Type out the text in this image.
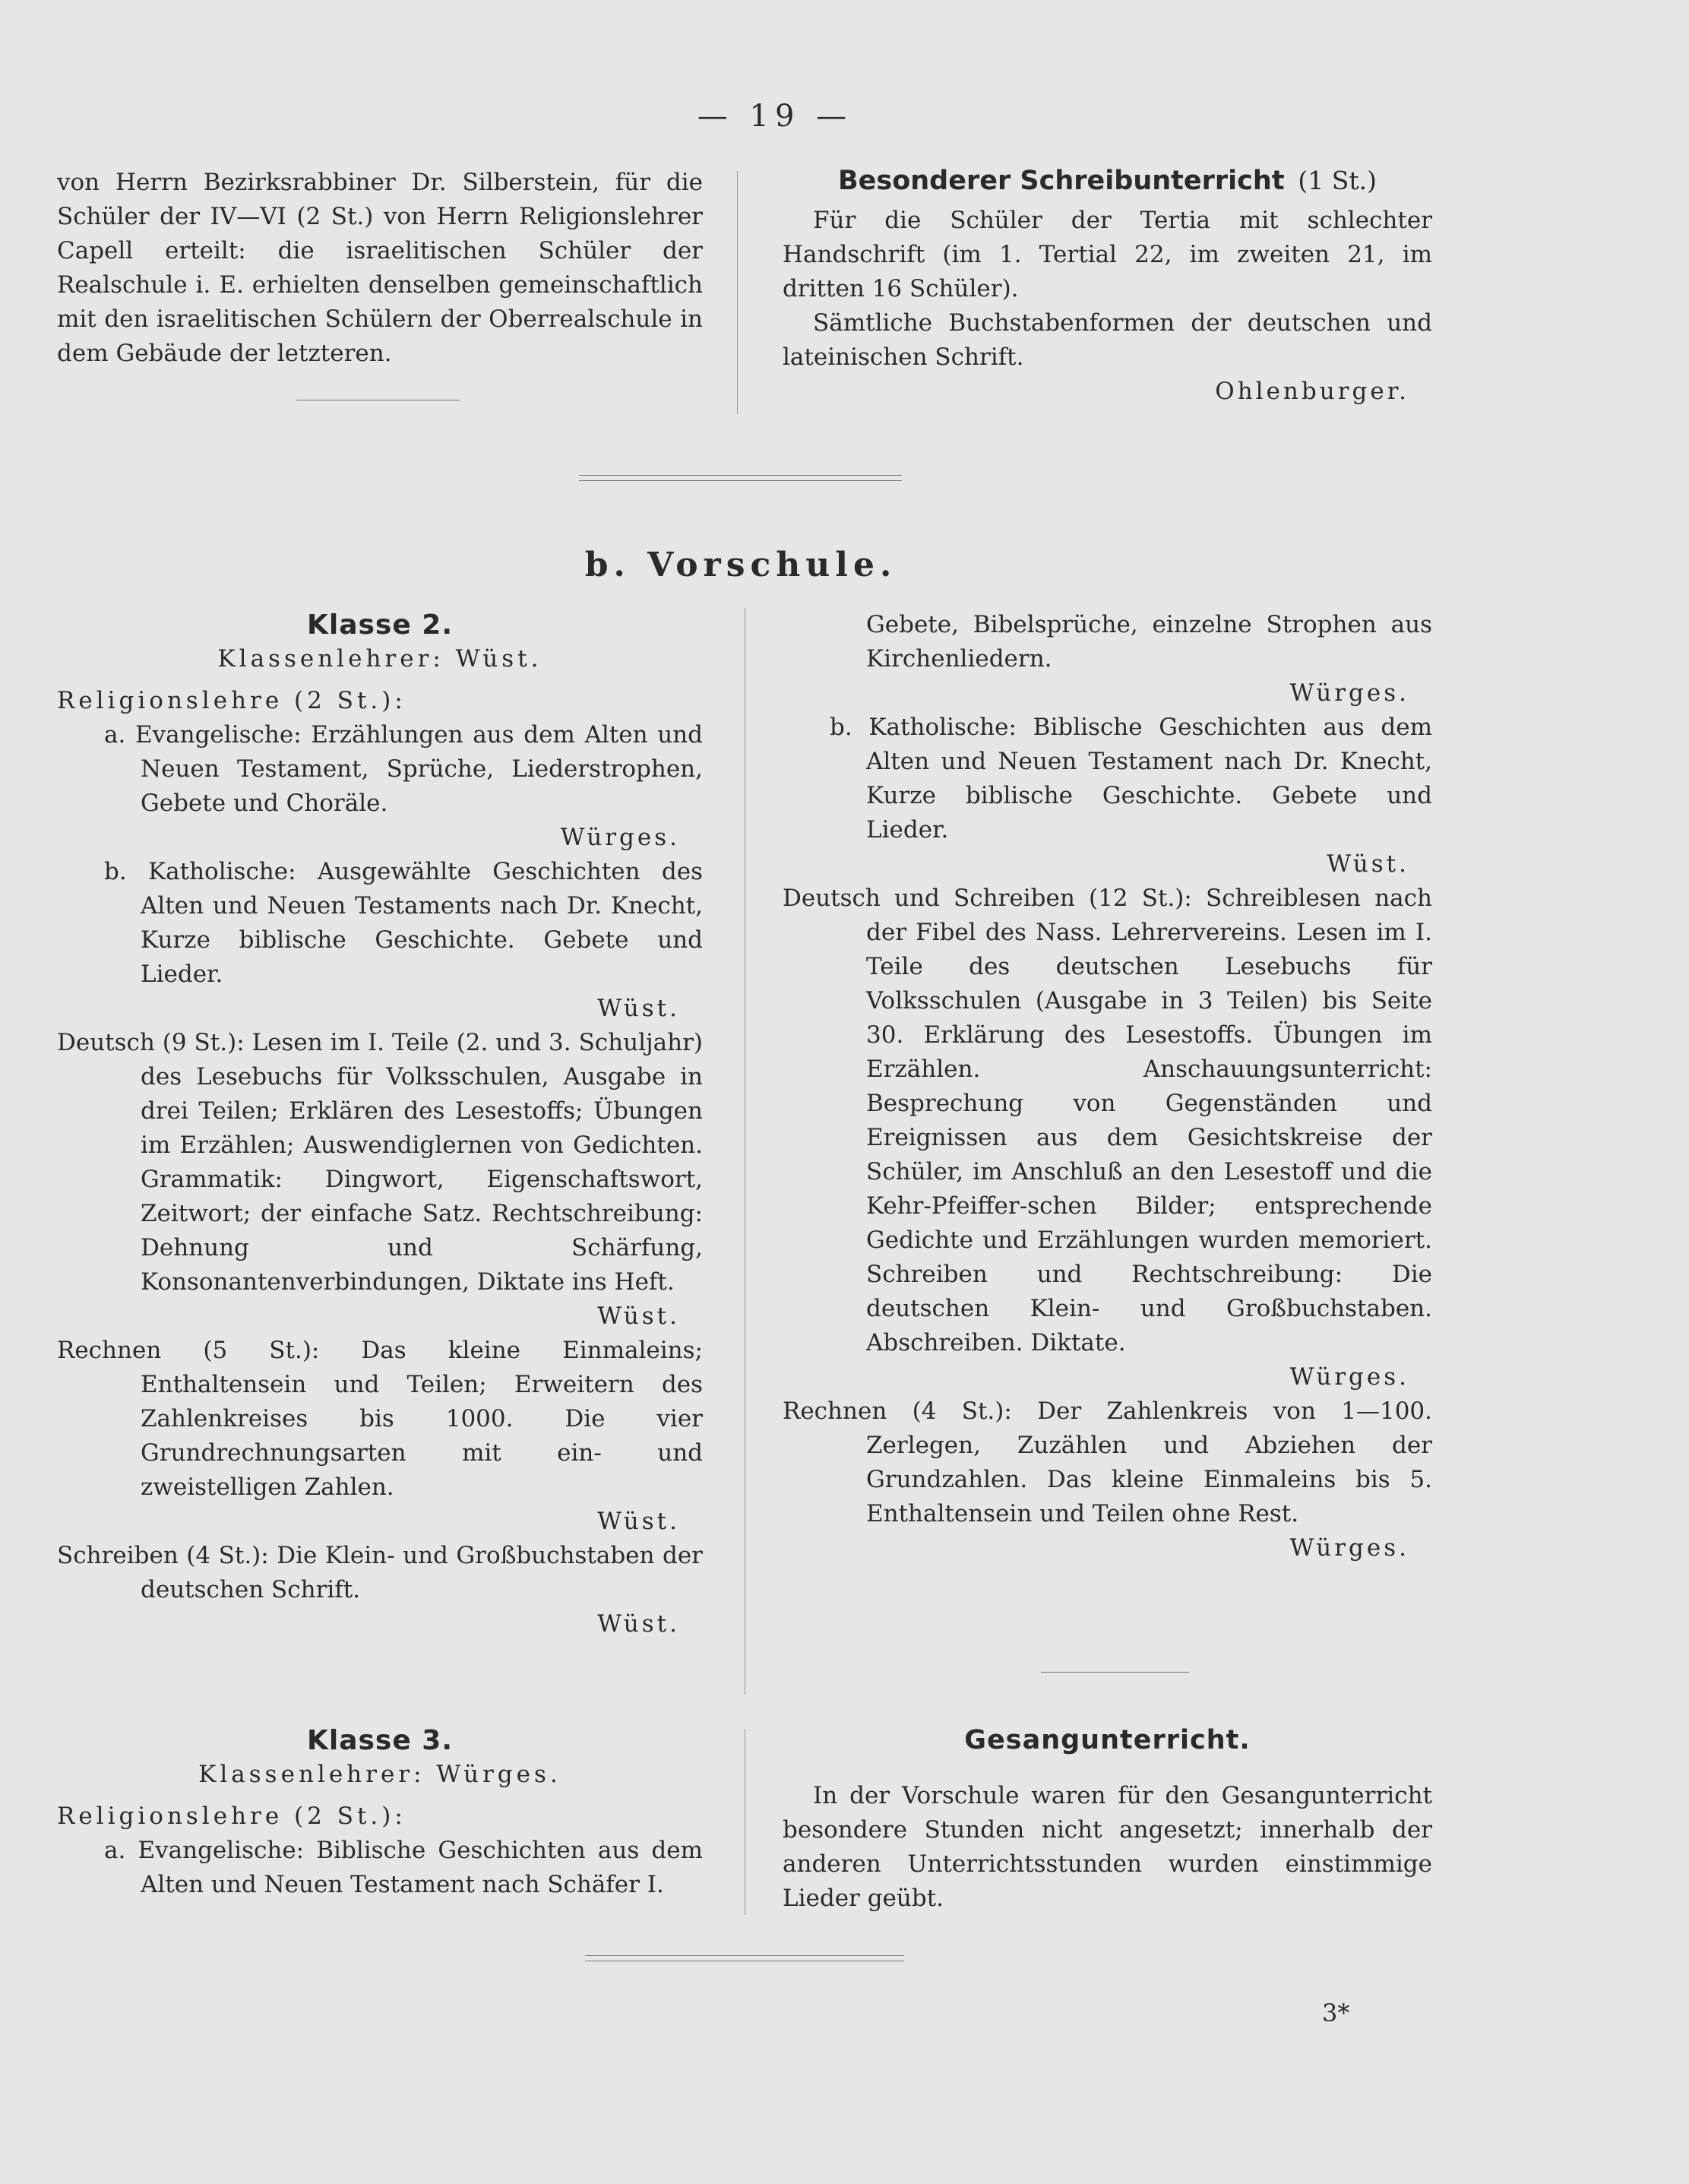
— 19 —

von Herrn Bezirksrabbiner Dr. Silberstein, für die Schüler der IV—VI (2 St.) von Herrn Religionslehrer Capell erteilt: die israelitischen Schüler der Realschule i. E. erhielten denselben gemeinschaftlich mit den israelitischen Schülern der Oberrealschule in dem Gebäude der letzteren.

Besonderer Schreibunterricht (1 St.)

Für die Schüler der Tertia mit schlechter Handschrift (im 1. Tertial 22, im zweiten 21, im dritten 16 Schüler).

Sämtliche Buchstabenformen der deutschen und lateinischen Schrift.

Ohlenburger.

b. Vorschule.
Klasse 2.
Klassenlehrer: Wüst.

Religionslehre (2 St.):

a. Evangelische: Erzählungen aus dem Alten und Neuen Testament, Sprüche, Liederstrophen, Gebete und Choräle.

Würges.

b. Katholische: Ausgewählte Geschichten des Alten und Neuen Testaments nach Dr. Knecht, Kurze biblische Geschichte. Gebete und Lieder.

Wüst.

Deutsch (9 St.): Lesen im I. Teile (2. und 3. Schuljahr) des Lesebuchs für Volksschulen, Ausgabe in drei Teilen; Erklären des Lesestoffs; Übungen im Erzählen; Auswendiglernen von Gedichten. Grammatik: Dingwort, Eigenschaftswort, Zeitwort; der einfache Satz. Rechtschreibung: Dehnung und Schärfung, Konsonantenverbindungen, Diktate ins Heft.

Wüst.

Rechnen (5 St.): Das kleine Einmaleins; Enthaltensein und Teilen; Erweitern des Zahlenkreises bis 1000. Die vier Grundrechnungsarten mit ein- und zweistelligen Zahlen.

Wüst.

Schreiben (4 St.): Die Klein- und Großbuchstaben der deutschen Schrift.

Wüst.

Gebete, Bibelsprüche, einzelne Strophen aus Kirchenliedern.

Würges.

b. Katholische: Biblische Geschichten aus dem Alten und Neuen Testament nach Dr. Knecht, Kurze biblische Geschichte. Gebete und Lieder.

Wüst.

Deutsch und Schreiben (12 St.): Schreiblesen nach der Fibel des Nass. Lehrervereins. Lesen im I. Teile des deutschen Lesebuchs für Volksschulen (Ausgabe in 3 Teilen) bis Seite 30. Erklärung des Lesestoffs. Übungen im Erzählen. Anschauungsunterricht: Besprechung von Gegenständen und Ereignissen aus dem Gesichtskreise der Schüler, im Anschluß an den Lesestoff und die Kehr-Pfeiffer-schen Bilder; entsprechende Gedichte und Erzählungen wurden memoriert. Schreiben und Rechtschreibung: Die deutschen Klein- und Großbuchstaben. Abschreiben. Diktate.

Würges.

Rechnen (4 St.): Der Zahlenkreis von 1—100. Zerlegen, Zuzählen und Abziehen der Grundzahlen. Das kleine Einmaleins bis 5. Enthaltensein und Teilen ohne Rest.

Würges.

Klasse 3.
Klassenlehrer: Würges.

Religionslehre (2 St.):

a. Evangelische: Biblische Geschichten aus dem Alten und Neuen Testament nach Schäfer I.

Gesangunterricht.

In der Vorschule waren für den Gesangunterricht besondere Stunden nicht angesetzt; innerhalb der anderen Unterrichtsstunden wurden einstimmige Lieder geübt.

3*
